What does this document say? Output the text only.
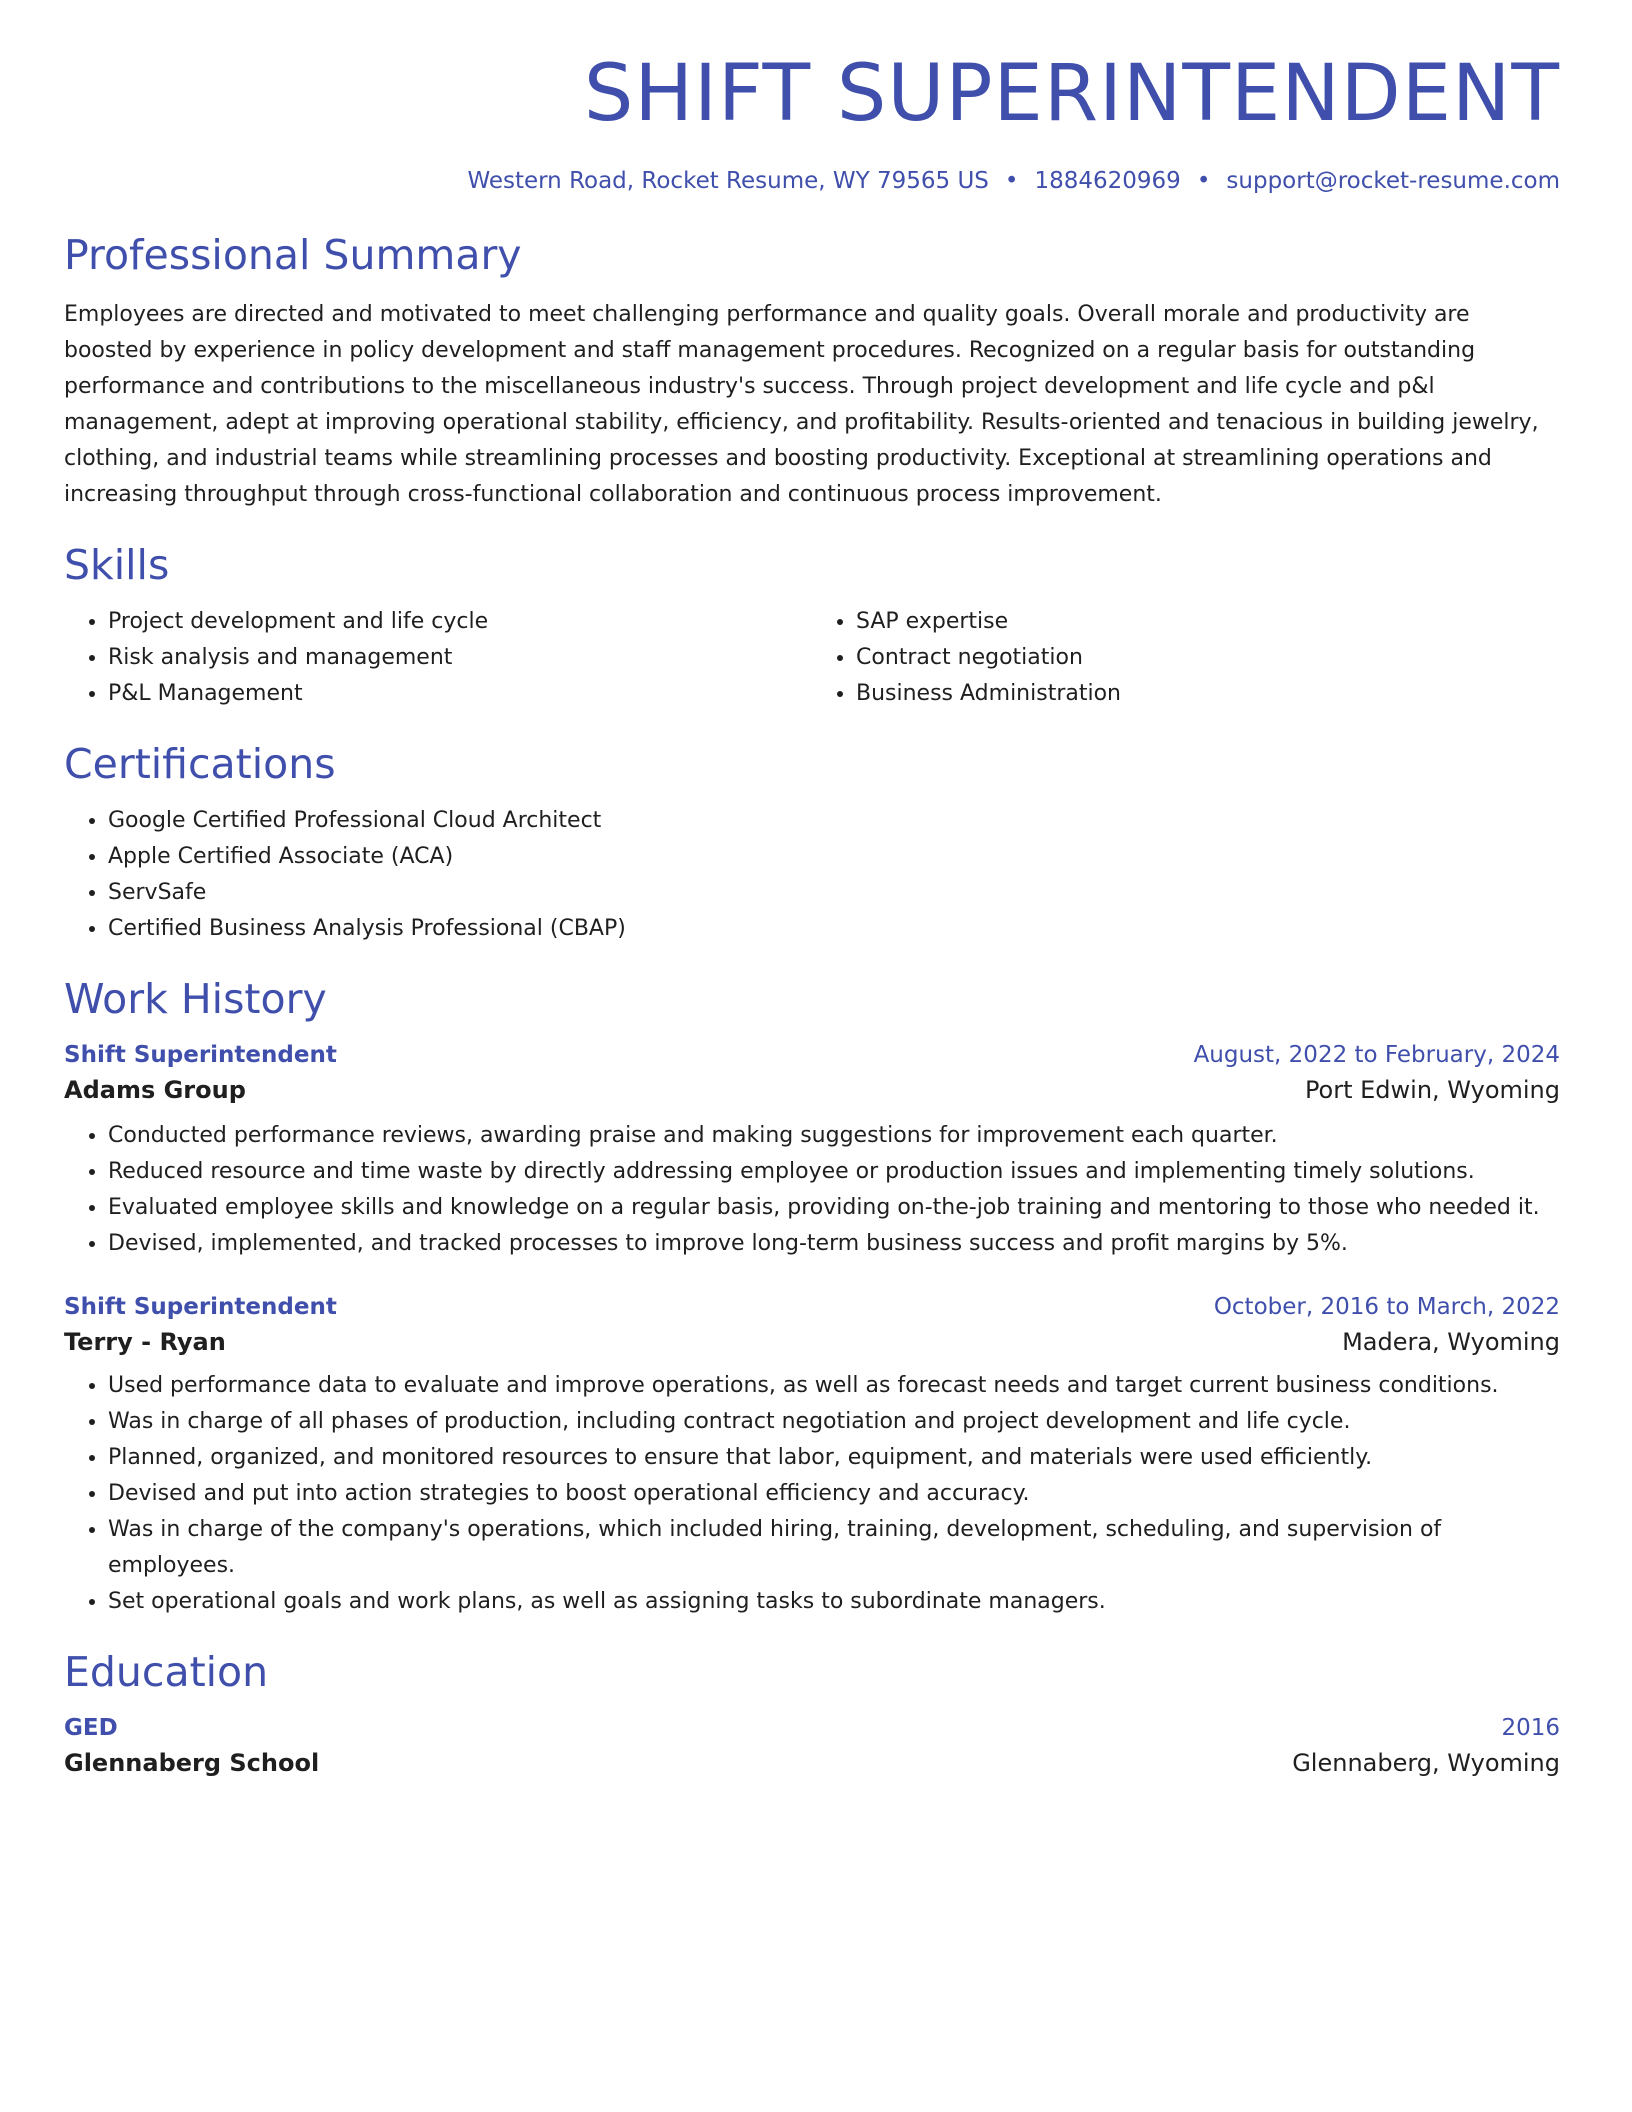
SHIFT SUPERINTENDENT
Western Road, Rocket Resume, WY 79565 US • 1884620969 • support@rocket-resume.com
Professional Summary

Employees are directed and motivated to meet challenging performance and quality goals. Overall morale and productivity are boosted by experience in policy development and staff management procedures. Recognized on a regular basis for outstanding performance and contributions to the miscellaneous industry's success. Through project development and life cycle and p&l management, adept at improving operational stability, efficiency, and profitability. Results-oriented and tenacious in building jewelry, clothing, and industrial teams while streamlining processes and boosting productivity. Exceptional at streamlining operations and increasing throughput through cross-functional collaboration and continuous process improvement.

Skills
• Project development and life cycle
• Risk analysis and management
• P&L Management
• SAP expertise
• Contract negotiation
• Business Administration
Certifications
• Google Certified Professional Cloud Architect
• Apple Certified Associate (ACA)
• ServSafe
• Certified Business Analysis Professional (CBAP)
Work History
Shift Superintendent	August, 2022 to February, 2024
Adams Group	Port Edwin, Wyoming
• Conducted performance reviews, awarding praise and making suggestions for improvement each quarter.
• Reduced resource and time waste by directly addressing employee or production issues and implementing timely solutions.
• Evaluated employee skills and knowledge on a regular basis, providing on-the-job training and mentoring to those who needed it.
• Devised, implemented, and tracked processes to improve long-term business success and profit margins by 5%.
Shift Superintendent	October, 2016 to March, 2022
Terry - Ryan	Madera, Wyoming
• Used performance data to evaluate and improve operations, as well as forecast needs and target current business conditions.
• Was in charge of all phases of production, including contract negotiation and project development and life cycle.
• Planned, organized, and monitored resources to ensure that labor, equipment, and materials were used efficiently.
• Devised and put into action strategies to boost operational efficiency and accuracy.
• Was in charge of the company's operations, which included hiring, training, development, scheduling, and supervision of employees.
• Set operational goals and work plans, as well as assigning tasks to subordinate managers.
Education
GED	2016
Glennaberg School	Glennaberg, Wyoming
